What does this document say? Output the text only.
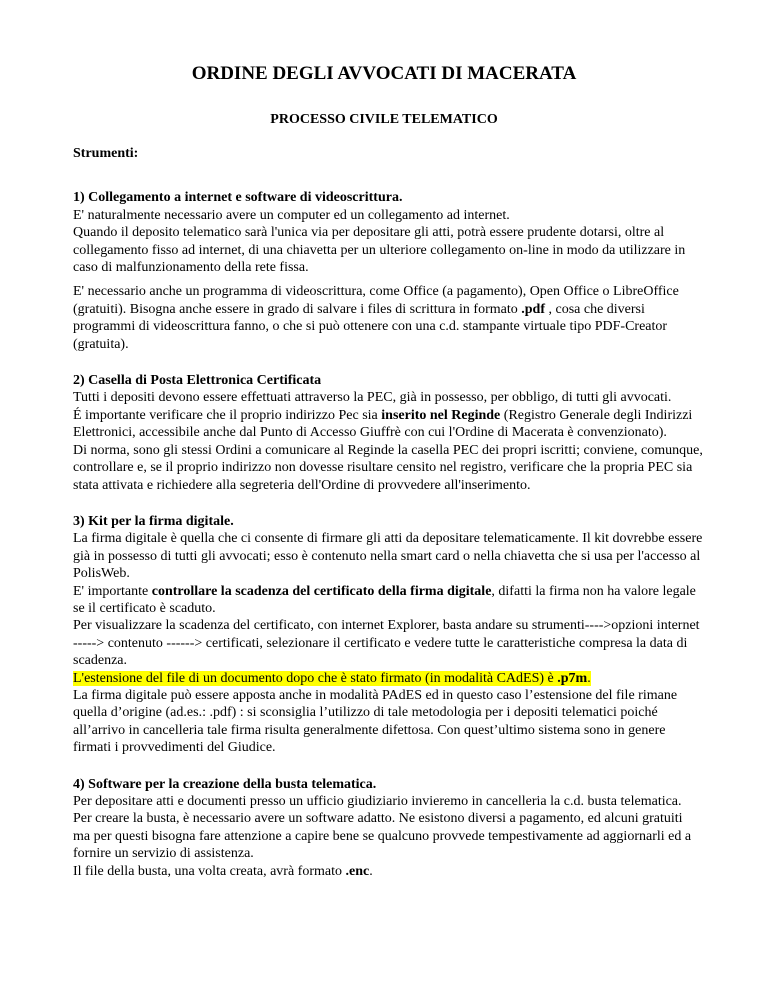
ORDINE DEGLI AVVOCATI DI MACERATA
PROCESSO CIVILE TELEMATICO

Strumenti:

1) Collegamento a internet e software di videoscrittura.

E' naturalmente necessario avere un computer ed un collegamento ad internet.

Quando il deposito telematico sarà l'unica via per depositare gli atti, potrà essere prudente dotarsi, oltre al collegamento fisso ad internet, di una chiavetta per un ulteriore collegamento on-line in modo da utilizzare in caso di malfunzionamento della rete fissa.

E' necessario anche un programma di videoscrittura, come Office (a pagamento), Open Office o LibreOffice (gratuiti). Bisogna anche essere in grado di salvare i files di scrittura in formato .pdf , cosa che diversi programmi di videoscrittura fanno, o che si può ottenere con una c.d. stampante virtuale tipo PDF-Creator (gratuita).

2) Casella di Posta Elettronica Certificata

Tutti i depositi devono essere effettuati attraverso la PEC, già in possesso, per obbligo, di tutti gli avvocati.

É importante verificare che il proprio indirizzo Pec sia inserito nel Reginde (Registro Generale degli Indirizzi Elettronici, accessibile anche dal Punto di Accesso Giuffrè con cui l'Ordine di Macerata è convenzionato).

Di norma, sono gli stessi Ordini a comunicare al Reginde la casella PEC dei propri iscritti; conviene, comunque, controllare e, se il proprio indirizzo non dovesse risultare censito nel registro, verificare che la propria PEC sia stata attivata e richiedere alla segreteria dell'Ordine di provvedere all'inserimento.

3) Kit per la firma digitale.

La firma digitale è quella che ci consente di firmare gli atti da depositare telematicamente. Il kit dovrebbe essere già in possesso di tutti gli avvocati; esso è contenuto nella smart card o nella chiavetta che si usa per l'accesso al PolisWeb.

E' importante controllare la scadenza del certificato della firma digitale, difatti la firma non ha valore legale se il certificato è scaduto.

Per visualizzare la scadenza del certificato, con internet Explorer, basta andare su strumenti---->opzioni internet -----> contenuto ------> certificati, selezionare il certificato e vedere tutte le caratteristiche compresa la data di scadenza.

L'estensione del file di un documento dopo che è stato firmato (in modalità CAdES) è .p7m.

La firma digitale può essere apposta anche in modalità PAdES ed in questo caso l’estensione del file rimane quella d’origine (ad.es.: .pdf) : si sconsiglia l’utilizzo di tale metodologia per i depositi telematici poiché all’arrivo in cancelleria tale firma risulta generalmente difettosa. Con quest’ultimo sistema sono in genere firmati i provvedimenti del Giudice.

4) Software per la creazione della busta telematica.

Per depositare atti e documenti presso un ufficio giudiziario invieremo in cancelleria la c.d. busta telematica. Per creare la busta, è necessario avere un software adatto. Ne esistono diversi a pagamento, ed alcuni gratuiti ma per questi bisogna fare attenzione a capire bene se qualcuno provvede tempestivamente ad aggiornarli ed a fornire un servizio di assistenza.

Il file della busta, una volta creata, avrà formato .enc.
